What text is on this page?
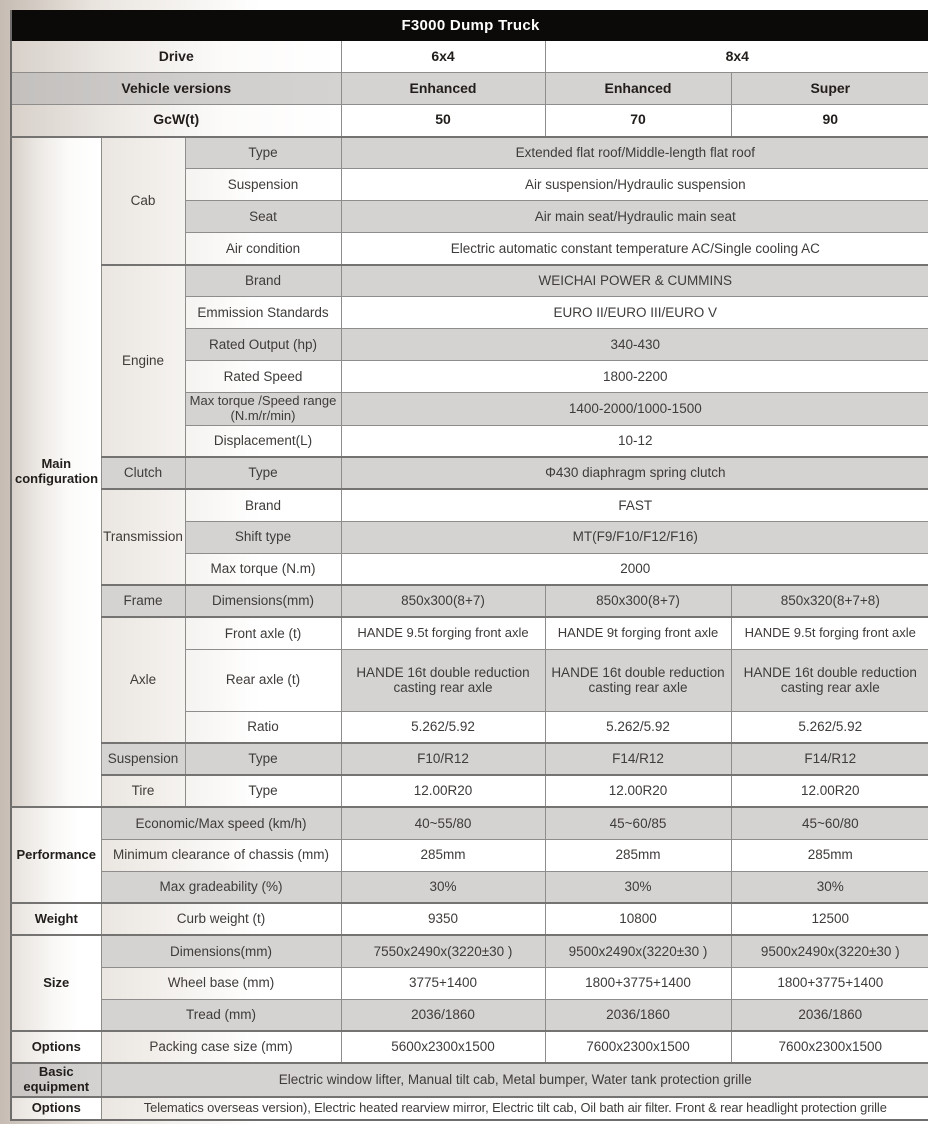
F3000 Dump Truck					
Drive			6x4	8x4	
Vehicle versions			Enhanced	Enhanced	Super
GcW(t)			50	70	90
Main configuration	Cab	Type	Extended flat roof/Middle-length flat roof		
		Suspension	Air suspension/Hydraulic suspension		
		Seat	Air main seat/Hydraulic main seat		
		Air condition	Electric automatic constant temperature AC/Single cooling AC		
	Engine	Brand	WEICHAI POWER & CUMMINS		
		Emmission Standards	EURO II/EURO III/EURO V		
		Rated Output (hp)	340-430		
		Rated Speed	1800-2200		
		Max torque /Speed range (N.m/r/min)	1400-2000/1000-1500		
		Displacement(L)	10-12		
	Clutch	Type	Φ430 diaphragm spring clutch		
	Transmission	Brand	FAST		
		Shift type	MT(F9/F10/F12/F16)		
		Max torque (N.m)	2000		
	Frame	Dimensions(mm)	850x300(8+7)	850x300(8+7)	850x320(8+7+8)
	Axle	Front axle (t)	HANDE 9.5t forging front axle	HANDE 9t forging front axle	HANDE 9.5t forging front axle
		Rear axle (t)	HANDE 16t double reduction casting rear axle	HANDE 16t double reduction casting rear axle	HANDE 16t double reduction casting rear axle
		Ratio	5.262/5.92	5.262/5.92	5.262/5.92
	Suspension	Type	F10/R12	F14/R12	F14/R12
	Tire	Type	12.00R20	12.00R20	12.00R20
Performance	Economic/Max speed (km/h)		40~55/80	45~60/85	45~60/80
	Minimum clearance of chassis (mm)		285mm	285mm	285mm
	Max gradeability (%)		30%	30%	30%
Weight	Curb weight (t)		9350	10800	12500
Size	Dimensions(mm)		7550x2490x(3220±30 )	9500x2490x(3220±30 )	9500x2490x(3220±30 )
	Wheel base (mm)		3775+1400	1800+3775+1400	1800+3775+1400
	Tread (mm)		2036/1860	2036/1860	2036/1860
Options	Packing case size (mm)		5600x2300x1500	7600x2300x1500	7600x2300x1500
Basic equipment	Electric window lifter, Manual tilt cab, Metal bumper, Water tank protection grille				
Options	Telematics overseas version), Electric heated rearview mirror, Electric tilt cab, Oil bath air filter. Front & rear headlight protection grille				
